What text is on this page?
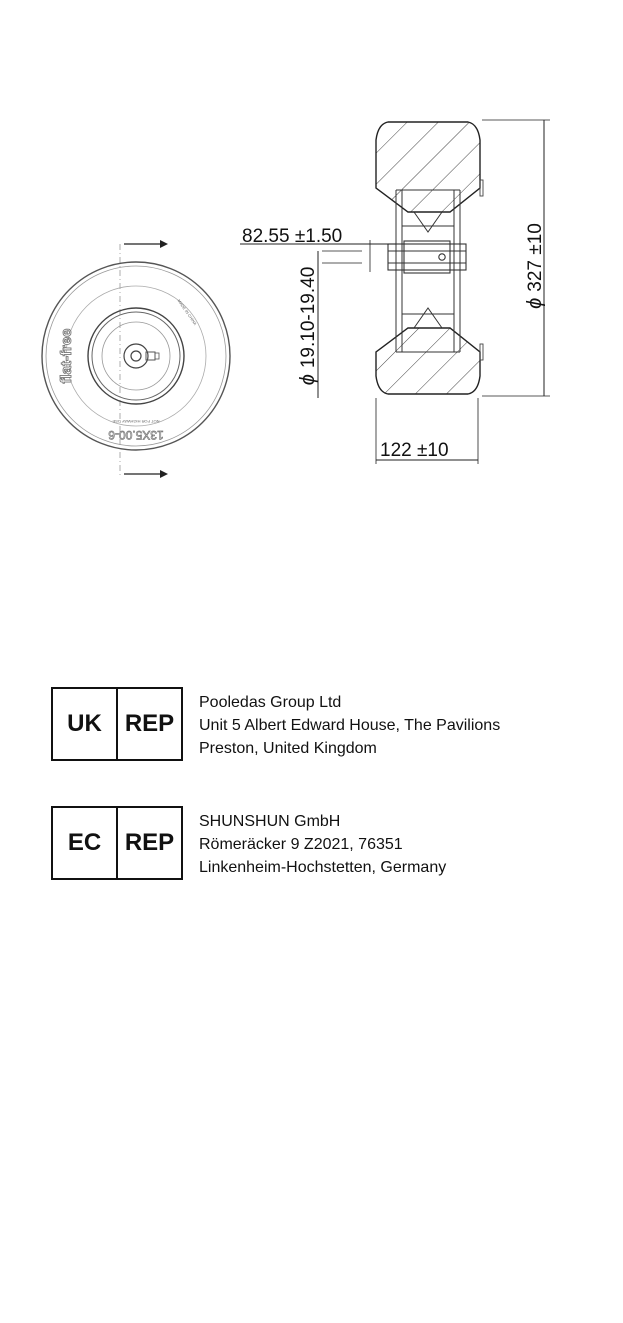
flat-free
13X5.00-6
MADE IN CHINA
NOT FOR HIGHWAY USE
82.55 ±1.50
ϕ19.10-19.40	ϕ327 ±10
122 ±10
UK REP
Pooledas Group Ltd
Unit 5 Albert Edward House, The Pavilions
Preston, United Kingdom
EC REP
SHUNSHUN GmbH
Römeräcker 9 Z2021, 76351
Linkenheim-Hochstetten, Germany
